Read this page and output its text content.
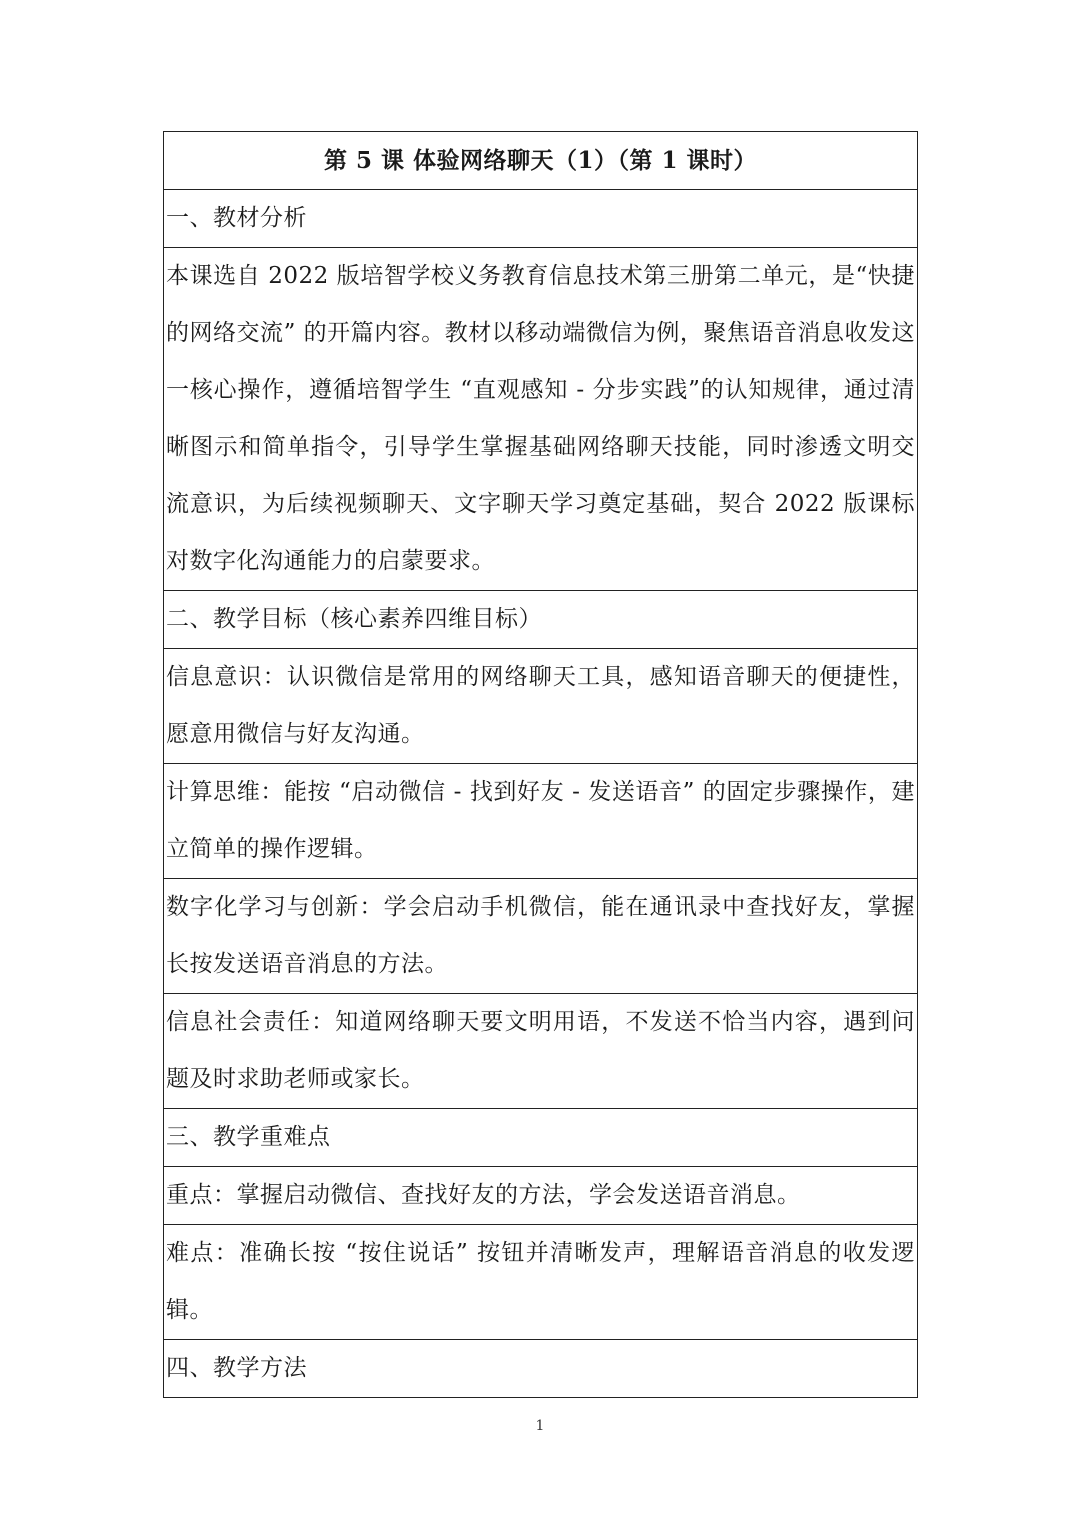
第 5 课 体验网络聊天（1）（第 1 课时）
一、教材分析
本课选自 2022 版培智学校义务教育信息技术第三册第二单元，是“快捷的网络交流” 的开篇内容。教材以移动端微信为例，聚焦语音消息收发这一核心操作，遵循培智学生 “直观感知 - 分步实践”的认知规律，通过清晰图示和简单指令，引导学生掌握基础网络聊天技能，同时渗透文明交流意识，为后续视频聊天、文字聊天学习奠定基础，契合 2022 版课标对数字化沟通能力的启蒙要求。
二、教学目标（核心素养四维目标）
信息意识：认识微信是常用的网络聊天工具，感知语音聊天的便捷性，愿意用微信与好友沟通。
计算思维：能按 “启动微信 - 找到好友 - 发送语音” 的固定步骤操作，建立简单的操作逻辑。
数字化学习与创新：学会启动手机微信，能在通讯录中查找好友，掌握长按发送语音消息的方法。
信息社会责任：知道网络聊天要文明用语，不发送不恰当内容，遇到问题及时求助老师或家长。
三、教学重难点
重点：掌握启动微信、查找好友的方法，学会发送语音消息。
难点：准确长按 “按住说话” 按钮并清晰发声，理解语音消息的收发逻辑。
四、教学方法
1
